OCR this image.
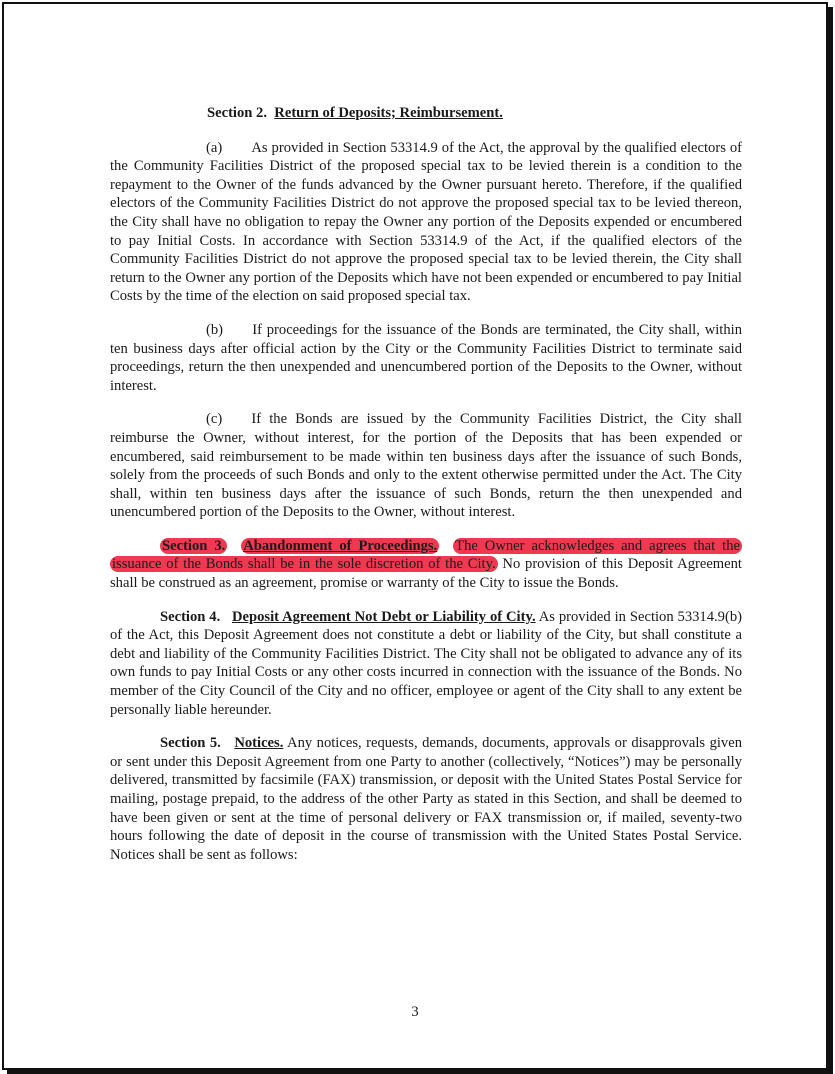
Section 2. Return of Deposits; Reimbursement.

(a)  As provided in Section 53314.9 of the Act, the approval by the qualified electors of the Community Facilities District of the proposed special tax to be levied therein is a condition to the repayment to the Owner of the funds advanced by the Owner pursuant hereto. Therefore, if the qualified electors of the Community Facilities District do not approve the proposed special tax to be levied thereon, the City shall have no obligation to repay the Owner any portion of the Deposits expended or encumbered to pay Initial Costs. In accordance with Section 53314.9 of the Act, if the qualified electors of the Community Facilities District do not approve the proposed special tax to be levied therein, the City shall return to the Owner any portion of the Deposits which have not been expended or encumbered to pay Initial Costs by the time of the election on said proposed special tax.

(b)  If proceedings for the issuance of the Bonds are terminated, the City shall, within ten business days after official action by the City or the Community Facilities District to terminate said proceedings, return the then unexpended and unencumbered portion of the Deposits to the Owner, without interest.

(c)  If the Bonds are issued by the Community Facilities District, the City shall reimburse the Owner, without interest, for the portion of the Deposits that has been expended or encumbered, said reimbursement to be made within ten business days after the issuance of such Bonds, solely from the proceeds of such Bonds and only to the extent otherwise permitted under the Act. The City shall, within ten business days after the issuance of such Bonds, return the then unexpended and unencumbered portion of the Deposits to the Owner, without interest.

Section 3. Abandonment of Proceedings. The Owner acknowledges and agrees that the issuance of the Bonds shall be in the sole discretion of the City. No provision of this Deposit Agreement shall be construed as an agreement, promise or warranty of the City to issue the Bonds.

Section 4. Deposit Agreement Not Debt or Liability of City. As provided in Section 53314.9(b) of the Act, this Deposit Agreement does not constitute a debt or liability of the City, but shall constitute a debt and liability of the Community Facilities District. The City shall not be obligated to advance any of its own funds to pay Initial Costs or any other costs incurred in connection with the issuance of the Bonds. No member of the City Council of the City and no officer, employee or agent of the City shall to any extent be personally liable hereunder.

Section 5. Notices. Any notices, requests, demands, documents, approvals or disapprovals given or sent under this Deposit Agreement from one Party to another (collectively, “Notices”) may be personally delivered, transmitted by facsimile (FAX) transmission, or deposit with the United States Postal Service for mailing, postage prepaid, to the address of the other Party as stated in this Section, and shall be deemed to have been given or sent at the time of personal delivery or FAX transmission or, if mailed, seventy-two hours following the date of deposit in the course of transmission with the United States Postal Service. Notices shall be sent as follows:

3
